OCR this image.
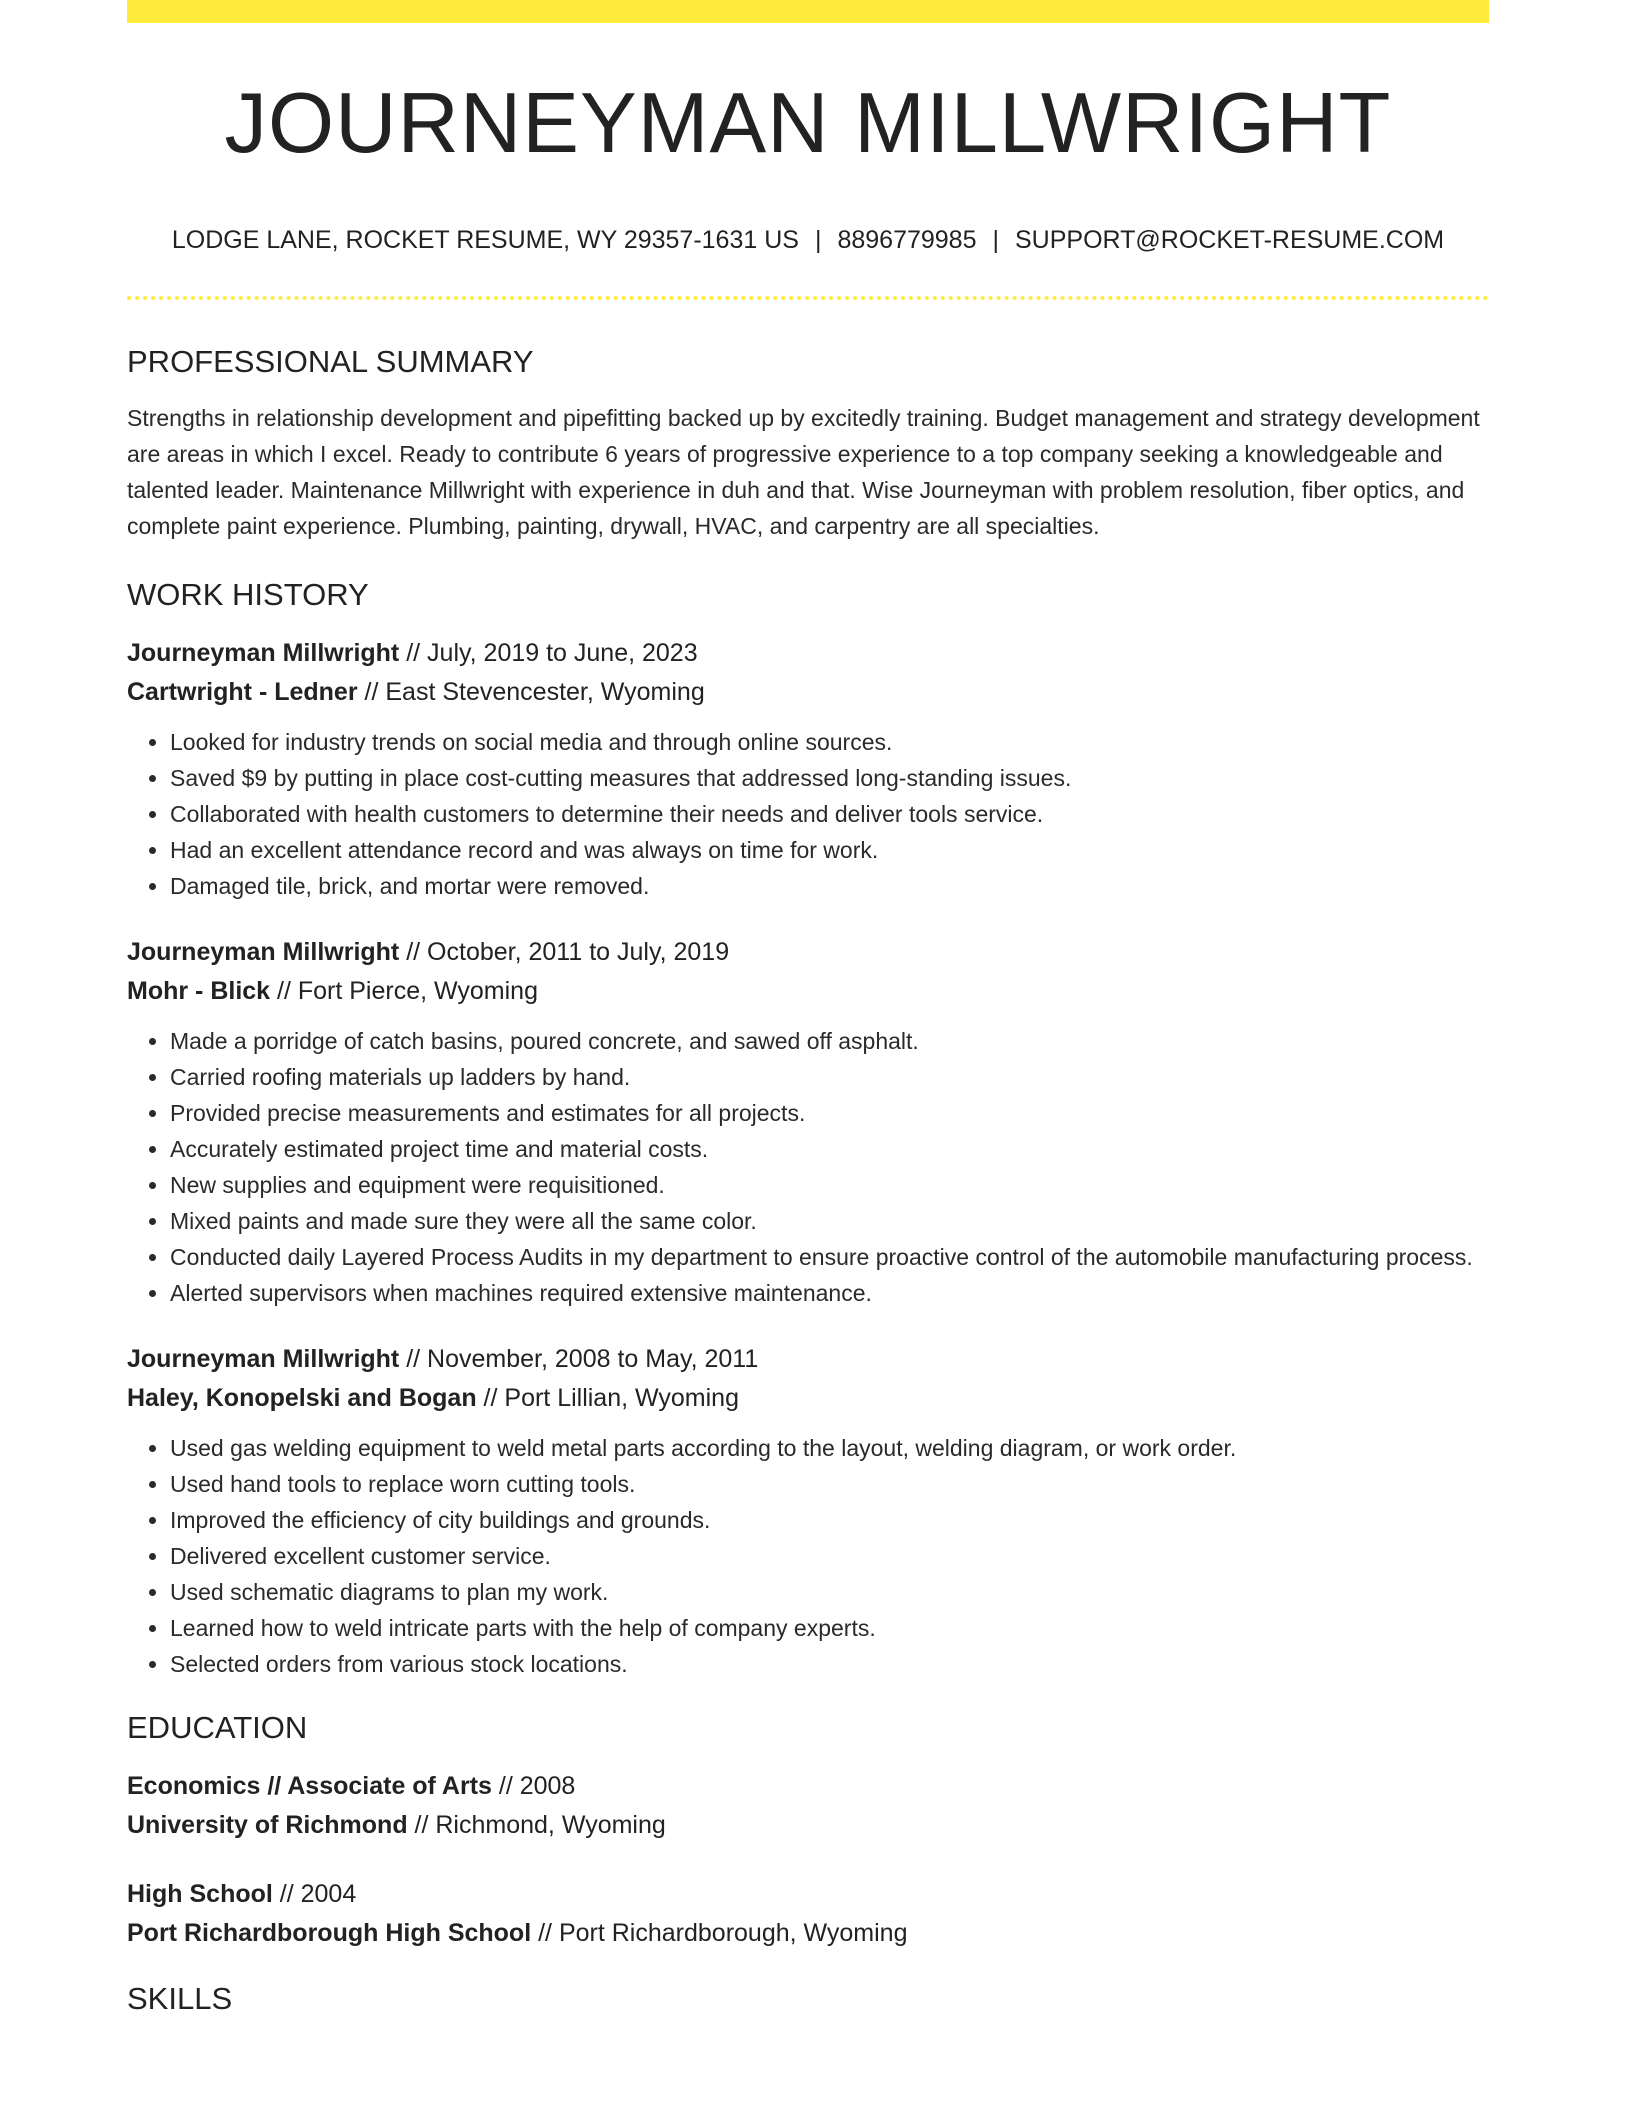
JOURNEYMAN MILLWRIGHT
LODGE LANE, ROCKET RESUME, WY 29357-1631 US | 8896779985 | SUPPORT@ROCKET-RESUME.COM
PROFESSIONAL SUMMARY

Strengths in relationship development and pipefitting backed up by excitedly training. Budget management and strategy development are areas in which I excel. Ready to contribute 6 years of progressive experience to a top company seeking a knowledgeable and talented leader. Maintenance Millwright with experience in duh and that. Wise Journeyman with problem resolution, fiber optics, and complete paint experience. Plumbing, painting, drywall, HVAC, and carpentry are all specialties.

WORK HISTORY
Journeyman Millwright // July, 2019 to June, 2023
Cartwright - Ledner // East Stevencester, Wyoming
• Looked for industry trends on social media and through online sources.
• Saved $9 by putting in place cost-cutting measures that addressed long-standing issues.
• Collaborated with health customers to determine their needs and deliver tools service.
• Had an excellent attendance record and was always on time for work.
• Damaged tile, brick, and mortar were removed.
Journeyman Millwright // October, 2011 to July, 2019
Mohr - Blick // Fort Pierce, Wyoming
• Made a porridge of catch basins, poured concrete, and sawed off asphalt.
• Carried roofing materials up ladders by hand.
• Provided precise measurements and estimates for all projects.
• Accurately estimated project time and material costs.
• New supplies and equipment were requisitioned.
• Mixed paints and made sure they were all the same color.
• Conducted daily Layered Process Audits in my department to ensure proactive control of the automobile manufacturing process.
• Alerted supervisors when machines required extensive maintenance.
Journeyman Millwright // November, 2008 to May, 2011
Haley, Konopelski and Bogan // Port Lillian, Wyoming
• Used gas welding equipment to weld metal parts according to the layout, welding diagram, or work order.
• Used hand tools to replace worn cutting tools.
• Improved the efficiency of city buildings and grounds.
• Delivered excellent customer service.
• Used schematic diagrams to plan my work.
• Learned how to weld intricate parts with the help of company experts.
• Selected orders from various stock locations.
EDUCATION
Economics // Associate of Arts // 2008
University of Richmond // Richmond, Wyoming
High School // 2004
Port Richardborough High School // Port Richardborough, Wyoming
SKILLS
